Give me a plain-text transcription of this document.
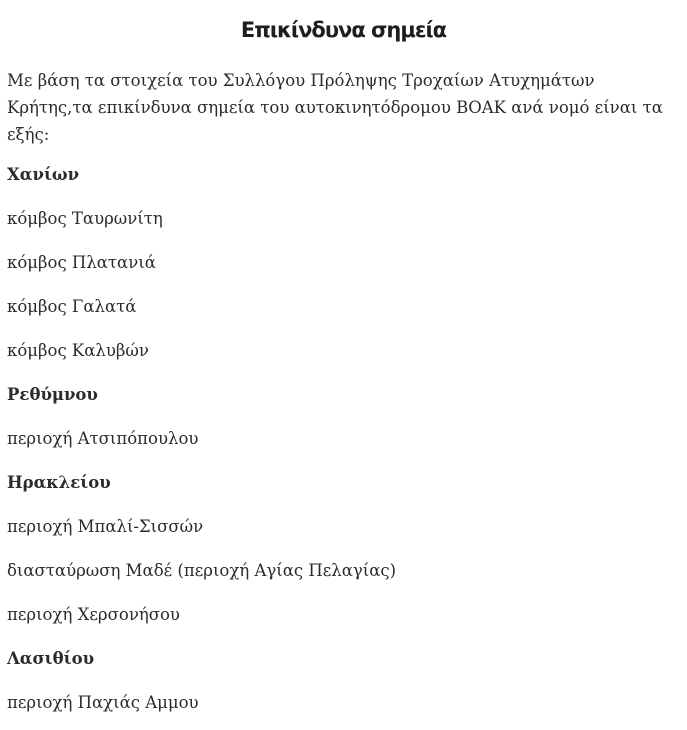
Επικίνδυνα σημεία

Με βάση τα στοιχεία του Συλλόγου Πρόληψης Τροχαίων Ατυχημάτων Κρήτης,τα επικίνδυνα σημεία του αυτοκινητόδρομου ΒΟΑΚ ανά νομό είναι τα εξής:

Χανίων
κόμβος Ταυρωνίτη
κόμβος Πλατανιά
κόμβος Γαλατά
κόμβος Καλυβών
Ρεθύμνου
περιοχή Ατσιπόπουλου
Ηρακλείου
περιοχή Μπαλί-Σισσών
διασταύρωση Μαδέ (περιοχή Αγίας Πελαγίας)
περιοχή Χερσονήσου
Λασιθίου
περιοχή Παχιάς Αμμου
